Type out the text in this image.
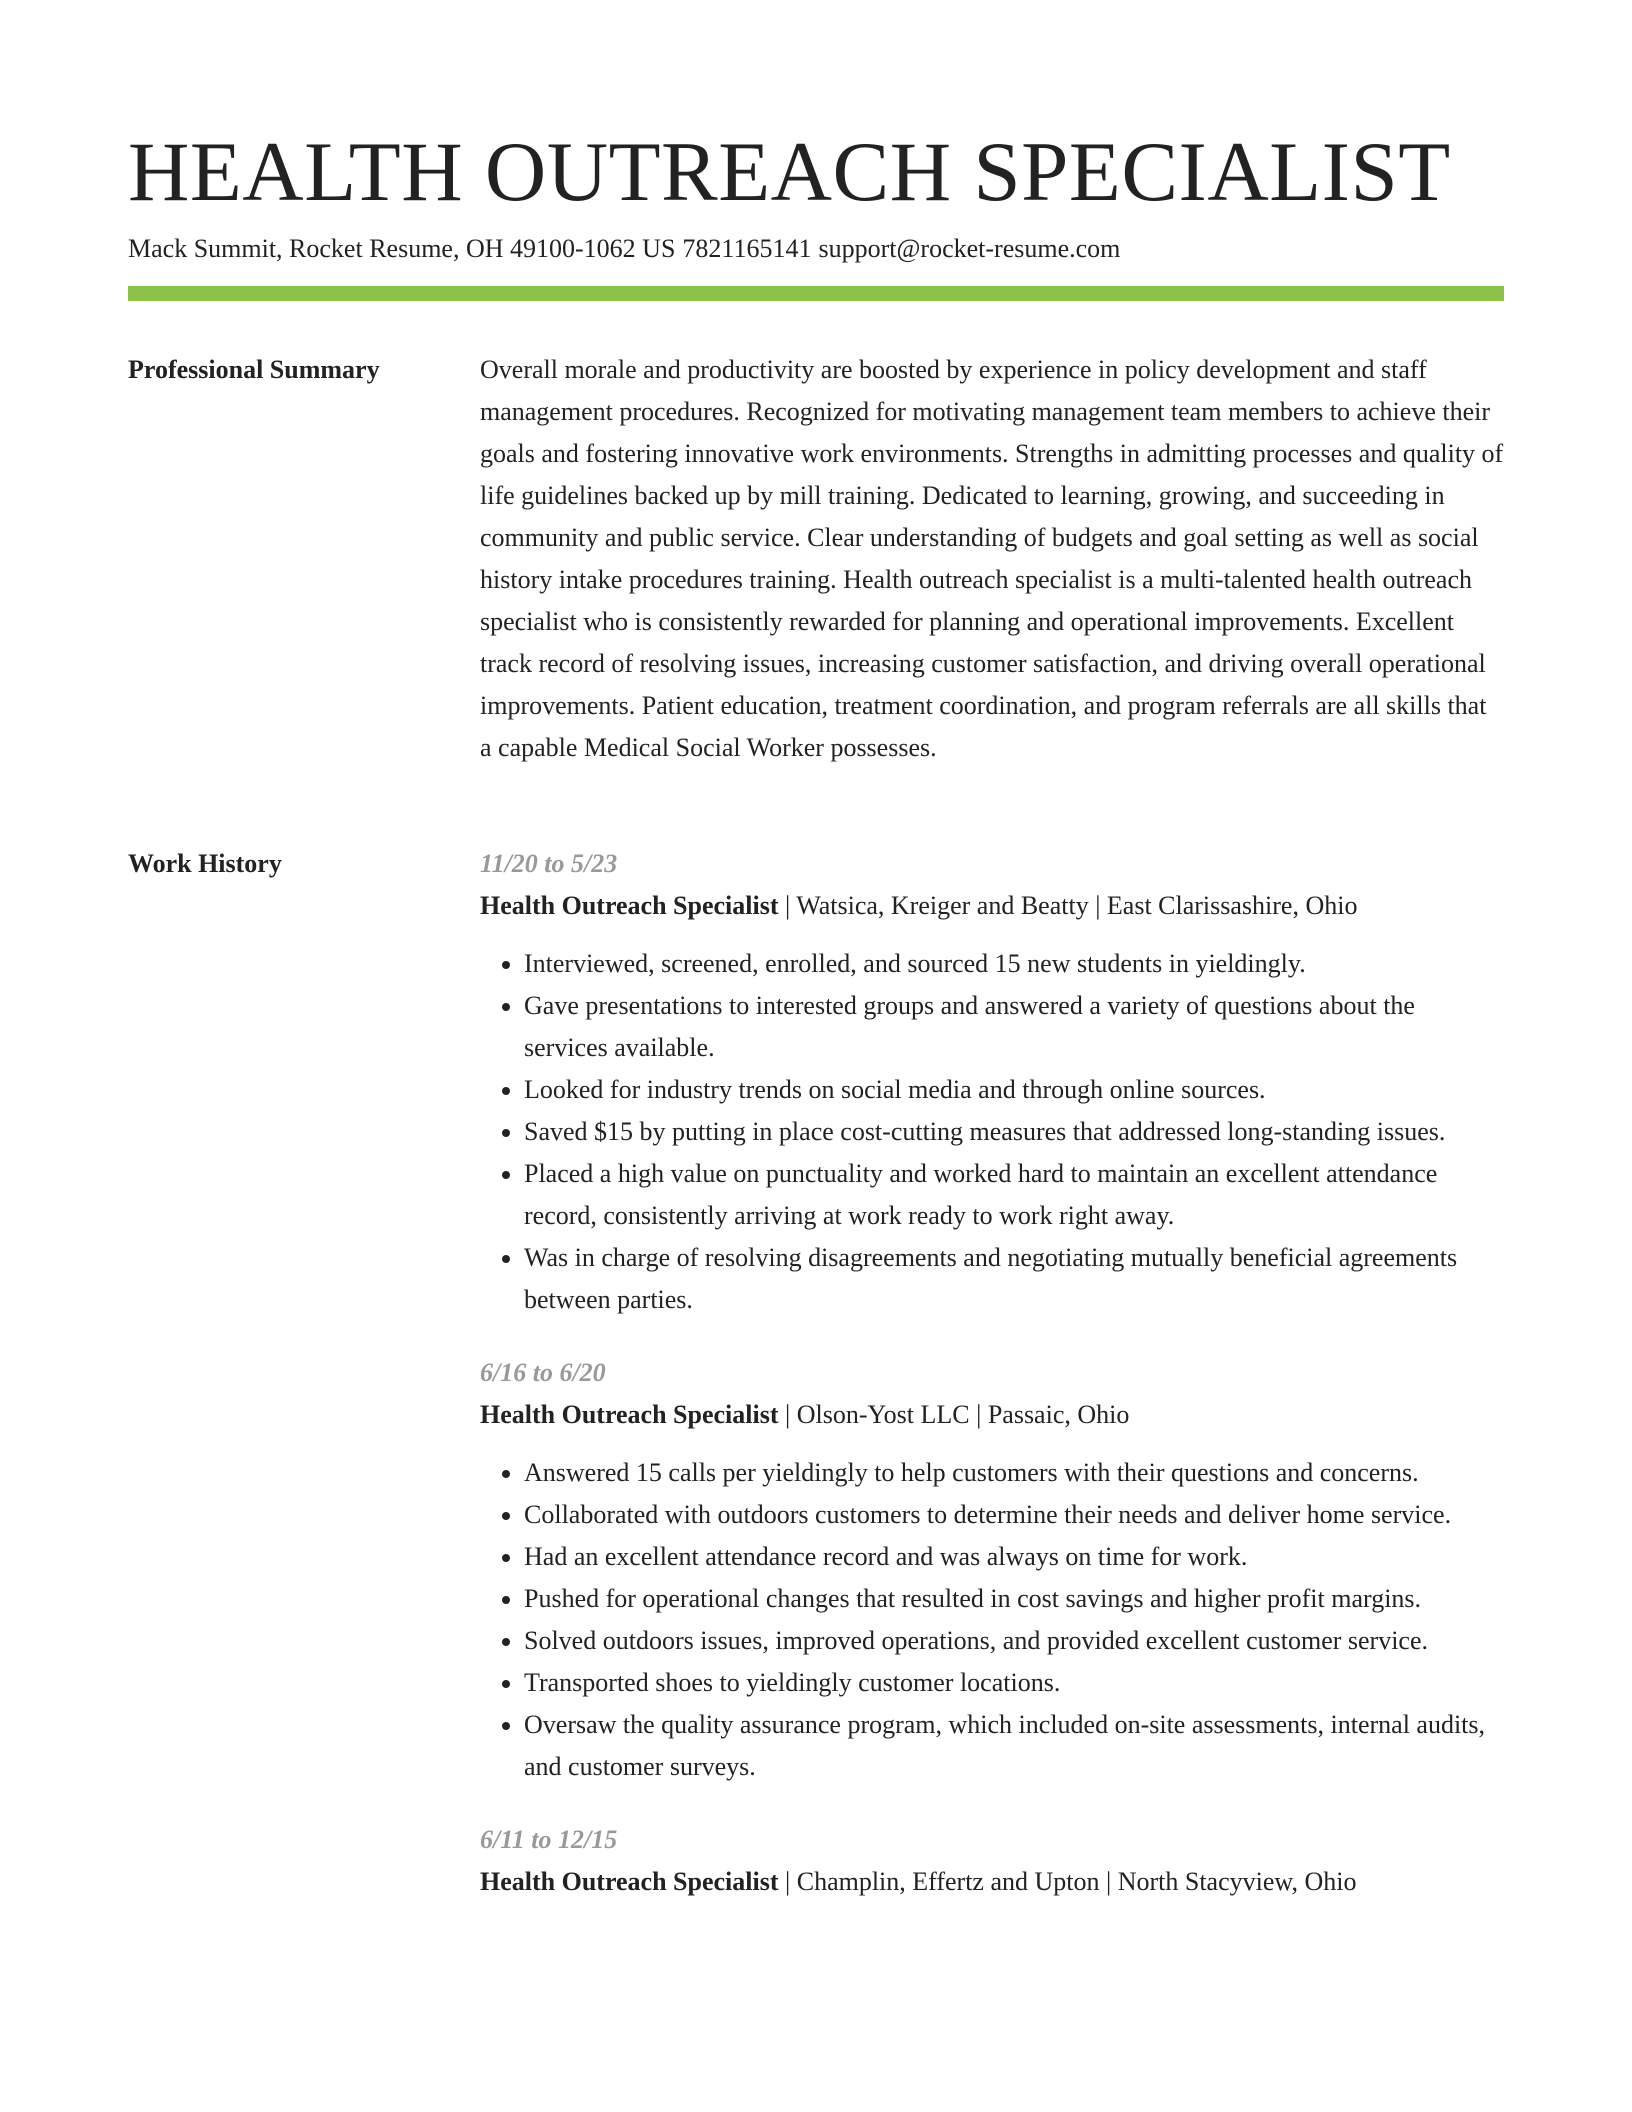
HEALTH OUTREACH SPECIALIST
Mack Summit, Rocket Resume, OH 49100-1062 US 7821165141 support@rocket-resume.com
Professional Summary	Overall morale and productivity are boosted by experience in policy development and staff management procedures. Recognized for motivating management team members to achieve their goals and fostering innovative work environments. Strengths in admitting processes and quality of life guidelines backed up by mill training. Dedicated to learning, growing, and succeeding in community and public service. Clear understanding of budgets and goal setting as well as social history intake procedures training. Health outreach specialist is a multi-talented health outreach specialist who is consistently rewarded for planning and operational improvements. Excellent track record of resolving issues, increasing customer satisfaction, and driving overall operational improvements. Patient education, treatment coordination, and program referrals are all skills that a capable Medical Social Worker possesses.

Work History	11/20 to 5/23
Health Outreach Specialist | Watsica, Kreiger and Beatty | East Clarissashire, Ohio
• Interviewed, screened, enrolled, and sourced 15 new students in yieldingly.
• Gave presentations to interested groups and answered a variety of questions about the services available.
• Looked for industry trends on social media and through online sources.
• Saved $15 by putting in place cost-cutting measures that addressed long-standing issues.
• Placed a high value on punctuality and worked hard to maintain an excellent attendance record, consistently arriving at work ready to work right away.
• Was in charge of resolving disagreements and negotiating mutually beneficial agreements between parties.
6/16 to 6/20
Health Outreach Specialist | Olson-Yost LLC | Passaic, Ohio
• Answered 15 calls per yieldingly to help customers with their questions and concerns.
• Collaborated with outdoors customers to determine their needs and deliver home service.
• Had an excellent attendance record and was always on time for work.
• Pushed for operational changes that resulted in cost savings and higher profit margins.
• Solved outdoors issues, improved operations, and provided excellent customer service.
• Transported shoes to yieldingly customer locations.
• Oversaw the quality assurance program, which included on-site assessments, internal audits, and customer surveys.
6/11 to 12/15
Health Outreach Specialist | Champlin, Effertz and Upton | North Stacyview, Ohio
